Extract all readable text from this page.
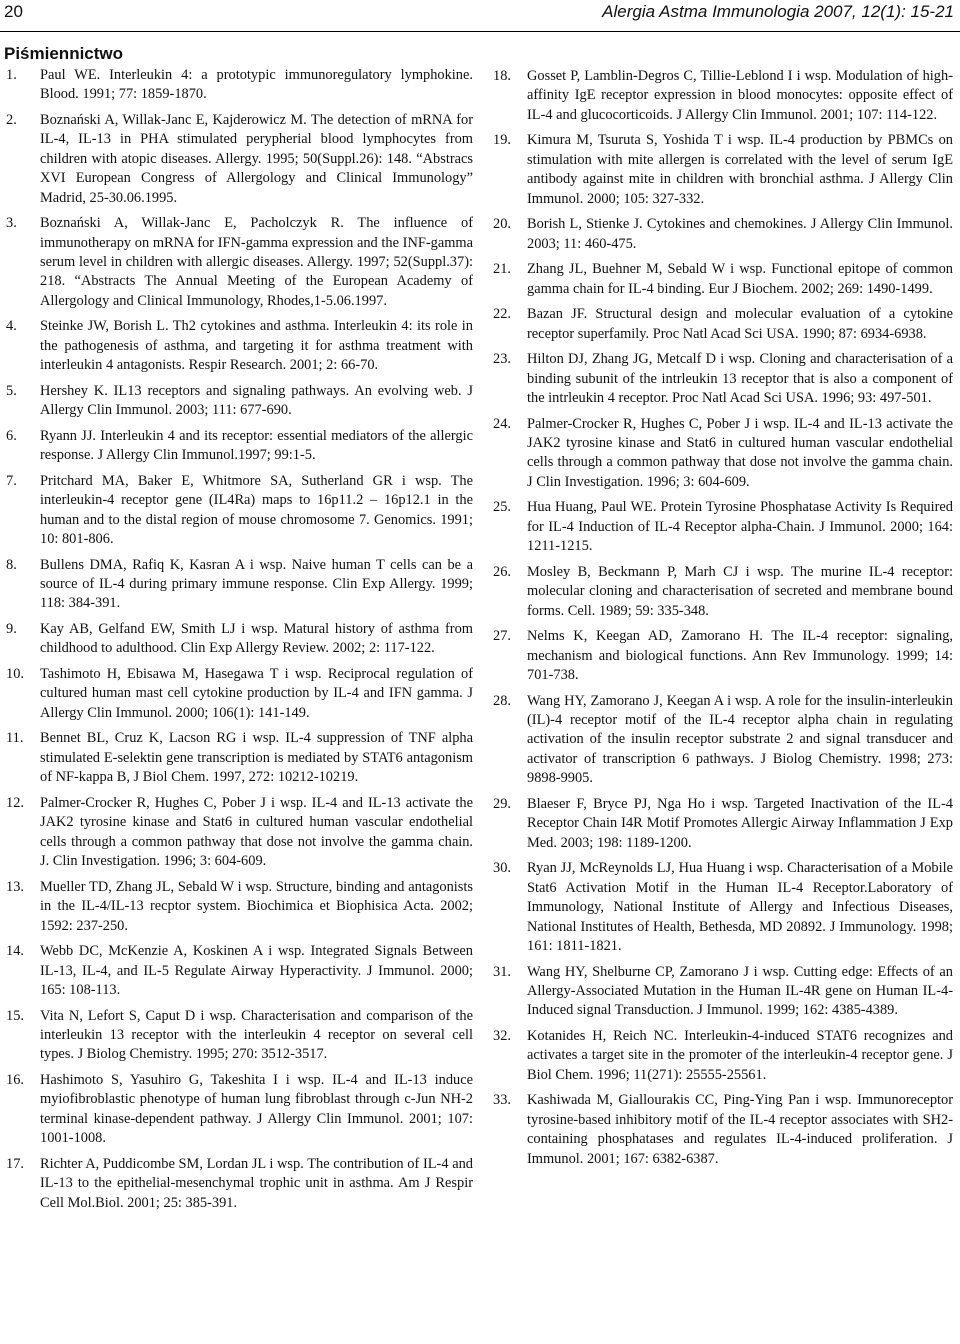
20	Alergia Astma Immunologia 2007, 12(1): 15-21
Piśmiennictwo
1.	Paul WE. Interleukin 4: a prototypic immunoregulatory lymphokine. Blood. 1991; 77: 1859-1870.
2.	Boznański A, Willak-Janc E, Kajderowicz M. The detection of mRNA for IL-4, IL-13 in PHA stimulated perypherial blood lymphocytes from children with atopic diseases. Allergy. 1995; 50(Suppl.26): 148. “Abstracs XVI European Congress of Allergology and Clinical Immunology” Madrid, 25-30.06.1995.
3.	Boznański A, Willak-Janc E, Pacholczyk R. The influence of immunotherapy on mRNA for IFN-gamma expression and the INF-gamma serum level in children with allergic diseases. Allergy. 1997; 52(Suppl.37): 218. “Abstracts The Annual Meeting of the European Academy of Allergology and Clinical Immunology, Rhodes,1-5.06.1997.
4.	Steinke JW, Borish L. Th2 cytokines and asthma. Interleukin 4: its role in the pathogenesis of asthma, and targeting it for asthma treatment with interleukin 4 antagonists. Respir Research. 2001; 2: 66-70.
5.	Hershey K. IL13 receptors and signaling pathways. An evolving web. J Allergy Clin Immunol. 2003; 111: 677-690.
6.	Ryann JJ. Interleukin 4 and its receptor: essential mediators of the allergic response. J Allergy Clin Immunol.1997; 99:1-5.
7.	Pritchard MA, Baker E, Whitmore SA, Sutherland GR i wsp. The interleukin-4 receptor gene (IL4Ra) maps to 16p11.2 – 16p12.1 in the human and to the distal region of mouse chromosome 7. Genomics. 1991; 10: 801-806.
8.	Bullens DMA, Rafiq K, Kasran A i wsp. Naive human T cells can be a source of IL-4 during primary immune response. Clin Exp Allergy. 1999; 118: 384-391.
9.	Kay AB, Gelfand EW, Smith LJ i wsp. Matural history of asthma from childhood to adulthood. Clin Exp Allergy Review. 2002; 2: 117-122.
10.	Tashimoto H, Ebisawa M, Hasegawa T i wsp. Reciprocal regulation of cultured human mast cell cytokine production by IL-4 and IFN gamma. J Allergy Clin Immunol. 2000; 106(1): 141-149.
11.	Bennet BL, Cruz K, Lacson RG i wsp. IL-4 suppression of TNF alpha stimulated E-selektin gene transcription is mediated by STAT6 antagonism of NF-kappa B, J Biol Chem. 1997, 272: 10212-10219.
12.	Palmer-Crocker R, Hughes C, Pober J i wsp. IL-4 and IL-13 activate the JAK2 tyrosine kinase and Stat6 in cultured human vascular endothelial cells through a common pathway that dose not involve the gamma chain. J. Clin Investigation. 1996; 3: 604-609.
13.	Mueller TD, Zhang JL, Sebald W i wsp. Structure, binding and antagonists in the IL-4/IL-13 recptor system. Biochimica et Biophisica Acta. 2002; 1592: 237-250.
14.	Webb DC, McKenzie A, Koskinen A i wsp. Integrated Signals Between IL-13, IL-4, and IL-5 Regulate Airway Hyperactivity. J Immunol. 2000; 165: 108-113.
15.	Vita N, Lefort S, Caput D i wsp. Characterisation and comparison of the interleukin 13 receptor with the interleukin 4 receptor on several cell types. J Biolog Chemistry. 1995; 270: 3512-3517.
16.	Hashimoto S, Yasuhiro G, Takeshita I i wsp. IL-4 and IL-13 induce myiofibroblastic phenotype of human lung fibroblast through c-Jun NH-2 terminal kinase-dependent pathway. J Allergy Clin Immunol. 2001; 107: 1001-1008.
17.	Richter A, Puddicombe SM, Lordan JL i wsp. The contribution of IL-4 and IL-13 to the epithelial-mesenchymal trophic unit in asthma. Am J Respir Cell Mol.Biol. 2001; 25: 385-391.
18.	Gosset P, Lamblin-Degros C, Tillie-Leblond I i wsp. Modulation of high-affinity IgE receptor expression in blood monocytes: opposite effect of IL-4 and glucocorticoids. J Allergy Clin Immunol. 2001; 107: 114-122.
19.	Kimura M, Tsuruta S, Yoshida T i wsp. IL-4 production by PBMCs on stimulation with mite allergen is correlated with the level of serum IgE antibody against mite in children with bronchial asthma. J Allergy Clin Immunol. 2000; 105: 327-332.
20.	Borish L, Stienke J. Cytokines and chemokines. J Allergy Clin Immunol. 2003; 11: 460-475.
21.	Zhang JL, Buehner M, Sebald W i wsp. Functional epitope of common gamma chain for IL-4 binding. Eur J Biochem. 2002; 269: 1490-1499.
22.	Bazan JF. Structural design and molecular evaluation of a cytokine receptor superfamily. Proc Natl Acad Sci USA. 1990; 87: 6934-6938.
23.	Hilton DJ, Zhang JG, Metcalf D i wsp. Cloning and characterisation of a binding subunit of the intrleukin 13 receptor that is also a component of the intrleukin 4 receptor. Proc Natl Acad Sci USA. 1996; 93: 497-501.
24.	Palmer-Crocker R, Hughes C, Pober J i wsp. IL-4 and IL-13 activate the JAK2 tyrosine kinase and Stat6 in cultured human vascular endothelial cells through a common pathway that dose not involve the gamma chain. J Clin Investigation. 1996; 3: 604-609.
25.	Hua Huang, Paul WE. Protein Tyrosine Phosphatase Activity Is Required for IL-4 Induction of IL-4 Receptor alpha-Chain. J Immunol. 2000; 164: 1211-1215.
26.	Mosley B, Beckmann P, Marh CJ i wsp. The murine IL-4 receptor: molecular cloning and characterisation of secreted and membrane bound forms. Cell. 1989; 59: 335-348.
27.	Nelms K, Keegan AD, Zamorano H. The IL-4 receptor: signaling, mechanism and biological functions. Ann Rev Immunology. 1999; 14: 701-738.
28.	Wang HY, Zamorano J, Keegan A i wsp. A role for the insulin-interleukin (IL)-4 receptor motif of the IL-4 receptor alpha chain in regulating activation of the insulin receptor substrate 2 and signal transducer and activator of transcription 6 pathways. J Biolog Chemistry. 1998; 273: 9898-9905.
29.	Blaeser F, Bryce PJ, Nga Ho i wsp. Targeted Inactivation of the IL-4 Receptor Chain I4R Motif Promotes Allergic Airway Inflammation J Exp Med. 2003; 198: 1189-1200.
30.	Ryan JJ, McReynolds LJ, Hua Huang i wsp. Characterisation of a Mobile Stat6 Activation Motif in the Human IL-4 Receptor.Laboratory of Immunology, National Institute of Allergy and Infectious Diseases, National Institutes of Health, Bethesda, MD 20892. J Immunology. 1998; 161: 1811-1821.
31.	Wang HY, Shelburne CP, Zamorano J i wsp. Cutting edge: Effects of an Allergy-Associated Mutation in the Human IL-4R gene on Human IL-4-Induced signal Transduction. J Immunol. 1999; 162: 4385-4389.
32.	Kotanides H, Reich NC. Interleukin-4-induced STAT6 recognizes and activates a target site in the promoter of the interleukin-4 receptor gene. J Biol Chem. 1996; 11(271): 25555-25561.
33.	Kashiwada M, Giallourakis CC, Ping-Ying Pan i wsp. Immunoreceptor tyrosine-based inhibitory motif of the IL-4 receptor associates with SH2-containing phosphatases and regulates IL-4-induced proliferation. J Immunol. 2001; 167: 6382-6387.
